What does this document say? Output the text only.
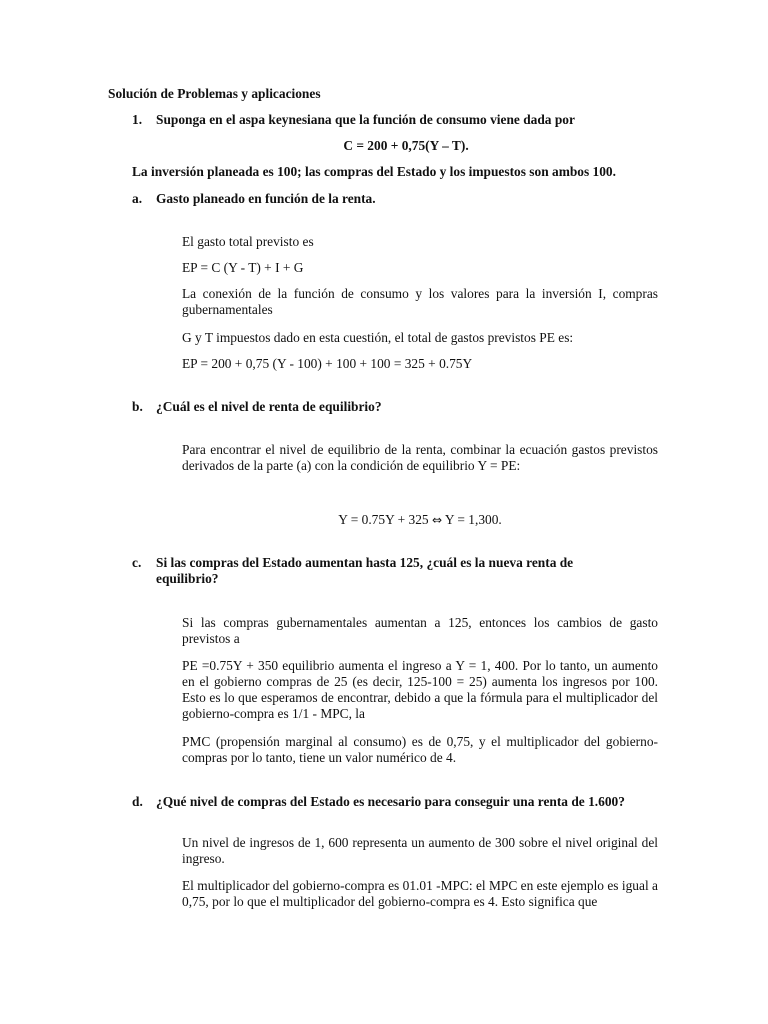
Solución de Problemas y aplicaciones
1. Suponga en el aspa keynesiana que la función de consumo viene dada por
C = 200 + 0,75(Y – T).
La inversión planeada es 100; las compras del Estado y los impuestos son ambos 100.
a. Gasto planeado en función de la renta.
El gasto total previsto es
EP = C (Y - T) + I + G
La conexión de la función de consumo y los valores para la inversión I, compras gubernamentales
G y T impuestos dado en esta cuestión, el total de gastos previstos PE es:
EP = 200 + 0,75 (Y - 100) + 100 + 100 = 325 + 0.75Y
b. ¿Cuál es el nivel de renta de equilibrio?
Para encontrar el nivel de equilibrio de la renta, combinar la ecuación gastos previstos derivados de la parte (a) con la condición de equilibrio Y = PE:
Y = 0.75Y + 325 ⇔ Y = 1,300.
c. Si las compras del Estado aumentan hasta 125, ¿cuál es la nueva renta de equilibrio?
Si las compras gubernamentales aumentan a 125, entonces los cambios de gasto previstos a
PE =0.75Y + 350 equilibrio aumenta el ingreso a Y = 1, 400. Por lo tanto, un aumento en el gobierno compras de 25 (es decir, 125-100 = 25) aumenta los ingresos por 100. Esto es lo que esperamos de encontrar, debido a que la fórmula para el multiplicador del gobierno-compra es 1/1 - MPC, la
PMC (propensión marginal al consumo) es de 0,75, y el multiplicador del gobierno-compras por lo tanto, tiene un valor numérico de 4.
d. ¿Qué nivel de compras del Estado es necesario para conseguir una renta de 1.600?
Un nivel de ingresos de 1, 600 representa un aumento de 300 sobre el nivel original del ingreso.
El multiplicador del gobierno-compra es 01.01 -MPC: el MPC en este ejemplo es igual a 0,75, por lo que el multiplicador del gobierno-compra es 4. Esto significa que
